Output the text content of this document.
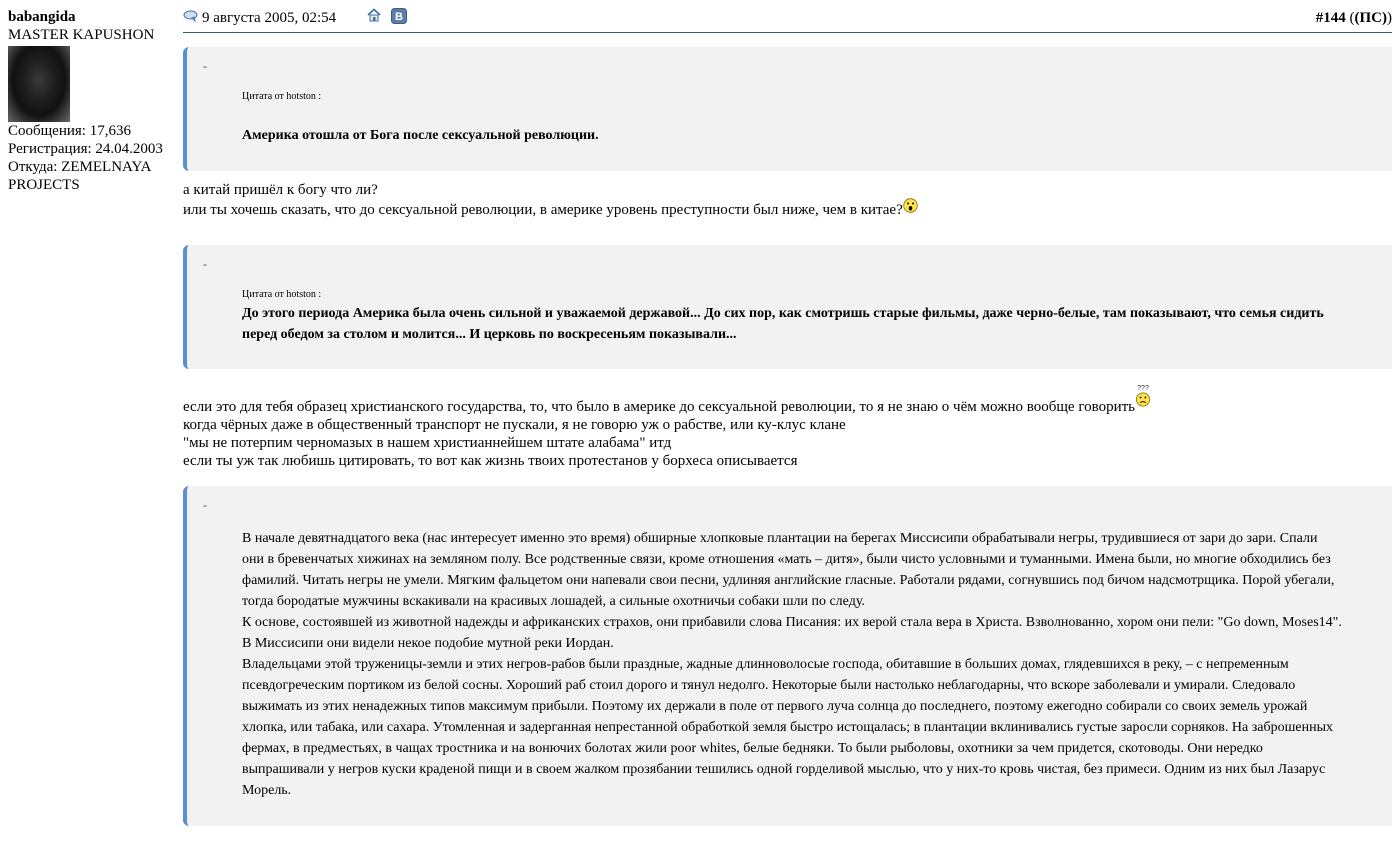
babangida
MASTER KAPUSHON
Сообщения: 17,636
Регистрация: 24.04.2003
Откуда: ZEMELNAYA
PROJECTS
9 августа 2005, 02:54
	B	#144 ((ПС))
-
Цитата от hotston :
Америка отошла от Бога после сексуальной революции.
а китай пришёл к богу что ли?
или ты хочешь сказать, что до сексуальной революции, в америке уровень преступности был ниже, чем в китае?
-
Цитата от hotston :
До этого периода Америка была очень сильной и уважаемой державой... До сих пор, как смотришь старые фильмы, даже черно-белые, там показывают, что семья сидить перед обедом за столом и молится... И церковь по воскресеньям показывали...
если это для тебя образец христианского государства, то, что было в америке до сексуальной революции, то я не знаю о чём можно вообще говорить
???
когда чёрных даже в общественный транспорт не пускали, я не говорю уж о рабстве, или ку-клус клане
"мы не потерпим черномазых в нашем христианнейшем штате алабама" итд
если ты уж так любишь цитировать, то вот как жизнь твоих протестанов у борхеса описывается
-
В начале девятнадцатого века (нас интересует именно это время) обширные хлопковые плантации на берегах Миссисипи обрабатывали негры, трудившиеся от зари до зари. Спали они в бревенчатых хижинах на земляном полу. Все родственные связи, кроме отношения «мать – дитя», были чисто условными и туманными. Имена были, но многие обходились без фамилий. Читать негры не умели. Мягким фальцетом они напевали свои песни, удлиняя английские гласные. Работали рядами, согнувшись под бичом надсмотрщика. Порой убегали, тогда бородатые мужчины вскакивали на красивых лошадей, а сильные охотничьи собаки шли по следу.
К основе, состоявшей из животной надежды и африканских страхов, они прибавили слова Писания: их верой стала вера в Христа. Взволнованно, хором они пели: "Go down, Moses14". В Миссисипи они видели некое подобие мутной реки Иордан.
Владельцами этой труженицы-земли и этих негров-рабов были праздные, жадные длинноволосые господа, обитавшие в больших домах, глядевшихся в реку, – с непременным псевдогреческим портиком из белой сосны. Хороший раб стоил дорого и тянул недолго. Некоторые были настолько неблагодарны, что вскоре заболевали и умирали. Следовало выжимать из этих ненадежных типов максимум прибыли. Поэтому их держали в поле от первого луча солнца до последнего, поэтому ежегодно собирали со своих земель урожай хлопка, или табака, или сахара. Утомленная и задерганная непрестанной обработкой земля быстро истощалась; в плантации вклинивались густые заросли сорняков. На заброшенных фермах, в предместьях, в чащах тростника и на вонючих болотах жили poor whites, белые бедняки. То были рыболовы, охотники за чем придется, скотоводы. Они нередко выпрашивали у негров куски краденой пищи и в своем жалком прозябании тешились одной горделивой мыслью, что у них-то кровь чистая, без примеси. Одним из них был Лазарус Морель.
